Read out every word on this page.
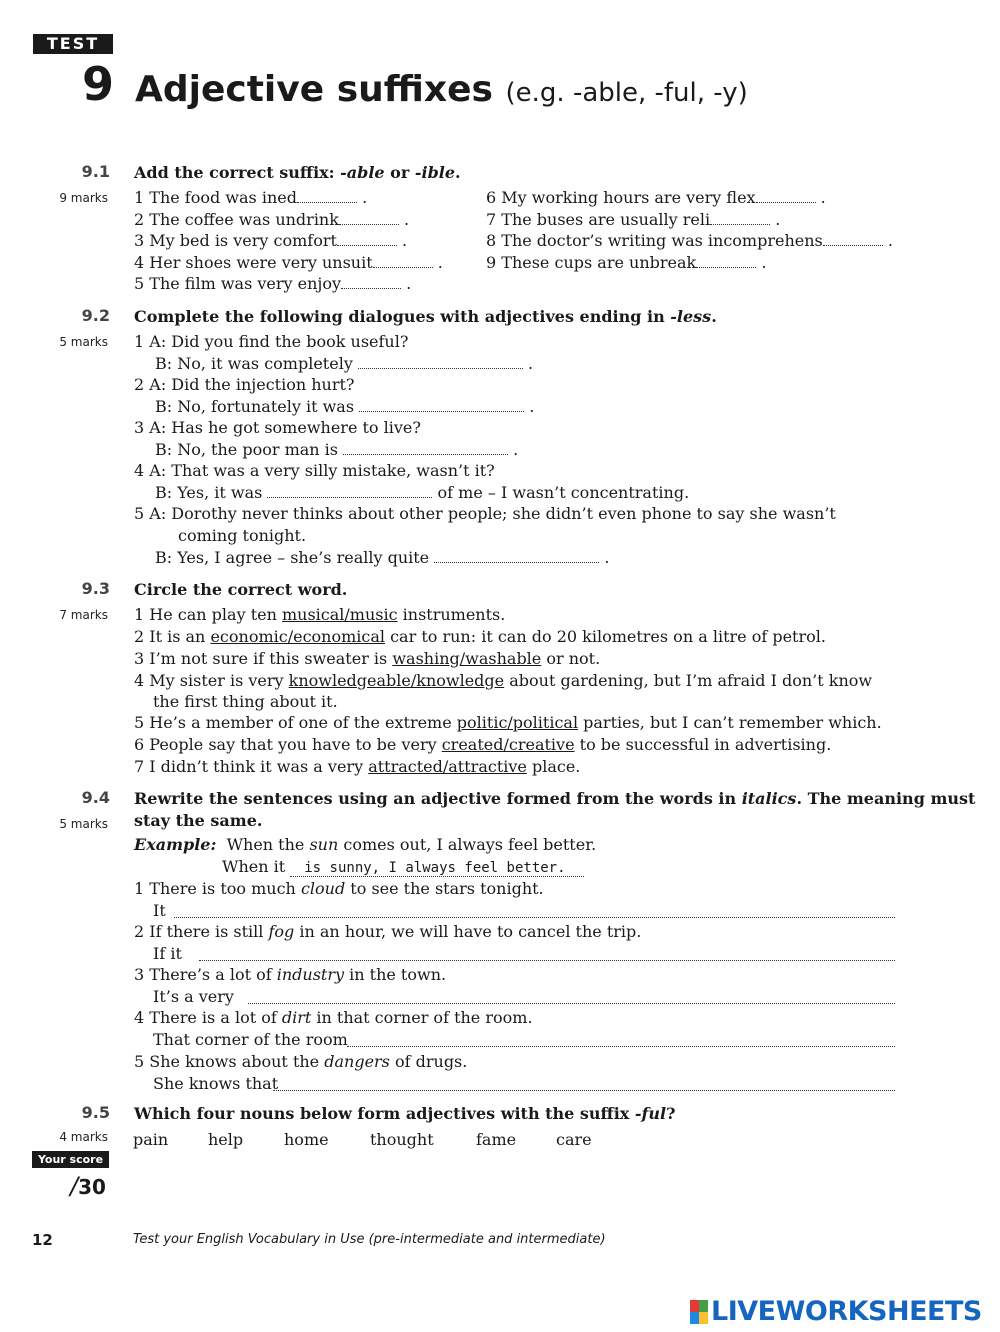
TEST
9 Adjective suffixes (e.g. -able, -ful, -y)
9.1
9 marks
Add the correct suffix: -able or -ible.
1 The food was ined	.
2 The coffee was undrink	.
3 My bed is very comfort	.
4 Her shoes were very unsuit	.
5 The film was very enjoy	.
6 My working hours are very flex	.
7 The buses are usually reli	.
8 The doctor’s writing was incomprehens	.
9 These cups are unbreak	.
9.2
5 marks
Complete the following dialogues with adjectives ending in -less.
1 A: Did you find the book useful?
B: No, it was completely	.
2 A: Did the injection hurt?
B: No, fortunately it was	.
3 A: Has he got somewhere to live?
B: No, the poor man is	.
4 A: That was a very silly mistake, wasn’t it?
B: Yes, it was	of me – I wasn’t concentrating.
5 A: Dorothy never thinks about other people; she didn’t even phone to say she wasn’t
coming tonight.
B: Yes, I agree – she’s really quite	.
9.3
7 marks
Circle the correct word.
1 He can play ten musical/music instruments.
2 It is an economic/economical car to run: it can do 20 kilometres on a litre of petrol.
3 I’m not sure if this sweater is washing/washable or not.
4 My sister is very knowledgeable/knowledge about gardening, but I’m afraid I don’t know
the first thing about it.
5 He’s a member of one of the extreme politic/political parties, but I can’t remember which.
6 People say that you have to be very created/creative to be successful in advertising.
7 I didn’t think it was a very attracted/attractive place.
9.4
5 marks
Rewrite the sentences using an adjective formed from the words in italics. The meaning must
stay the same.
Example: When the sun comes out, I always feel better.
When it is sunny, I always feel better.
1 There is too much cloud to see the stars tonight.
It
2 If there is still fog in an hour, we will have to cancel the trip.
If it
3 There’s a lot of industry in the town.
It’s a very
4 There is a lot of dirt in that corner of the room.
That corner of the room
5 She knows about the dangers of drugs.
She knows that
9.5
4 marks
Which four nouns below form adjectives with the suffix -ful?
pain help	home	thought	fame care
Your score
/30
12	Test your English Vocabulary in Use (pre-intermediate and intermediate)
LIVEWORKSHEETS
